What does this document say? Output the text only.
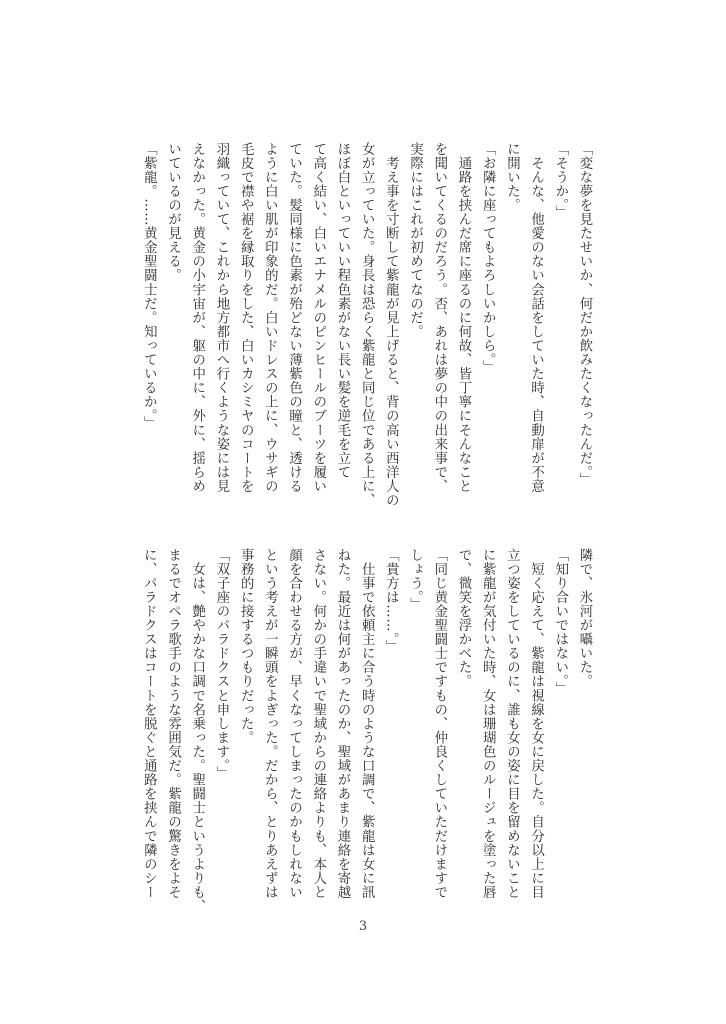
「変な夢を見たせいか、何だか飲みたくなったんだ。」

「そうか。」

　そんな、他愛のない会話をしていた時、自動扉が不意

に開いた。

「お隣に座ってもよろしいかしら。」

　通路を挟んだ席に座るのに何故、皆丁寧にそんなこと

を聞いてくるのだろう。否、あれは夢の中の出来事で、

実際にはこれが初めてなのだ。

　考え事を寸断して紫龍が見上げると、背の高い西洋人の

女が立っていた。身長は恐らく紫龍と同じ位である上に、

ほぼ白といっていい程色素がない長い髪を逆毛を立て

て高く結い、白いエナメルのピンヒールのブーツを履い

ていた。髪同様に色素が殆どない薄紫色の瞳と、透ける

ように白い肌が印象的だ。白いドレスの上に、ウサギの

毛皮で襟や裾を縁取りをした、白いカシミヤのコートを

羽織っていて、これから地方都市へ行くような姿には見

えなかった。黄金の小宇宙が、躯の中に、外に、揺らめ

いているのが見える。

「紫龍。……黄金聖闘士だ。知っているか。」

隣で、氷河が囁いた。

「知り合いではない。」

　短く応えて、紫龍は視線を女に戻した。自分以上に目

立つ姿をしているのに、誰も女の姿に目を留めないこと

に紫龍が気付いた時、女は珊瑚色のルージュを塗った唇

で、微笑を浮かべた。

「同じ黄金聖闘士ですもの、仲良くしていただけますで

しょう。」

「貴方は……。」

　仕事で依頼主に合う時のような口調で、紫龍は女に訊

ねた。最近は何があったのか、聖域があまり連絡を寄越

さない。何かの手違いで聖域からの連絡よりも、本人と

顔を合わせる方が、早くなってしまったのかもしれない

という考えが一瞬頭をよぎった。だから、とりあえずは

事務的に接するつもりだった。

「双子座のパラドクスと申します。」

　女は、艶やかな口調で名乗った。聖闘士というよりも、

まるでオペラ歌手のような雰囲気だ。紫龍の驚きをよそ

に、パラドクスはコートを脱ぐと通路を挟んで隣のシー

3
